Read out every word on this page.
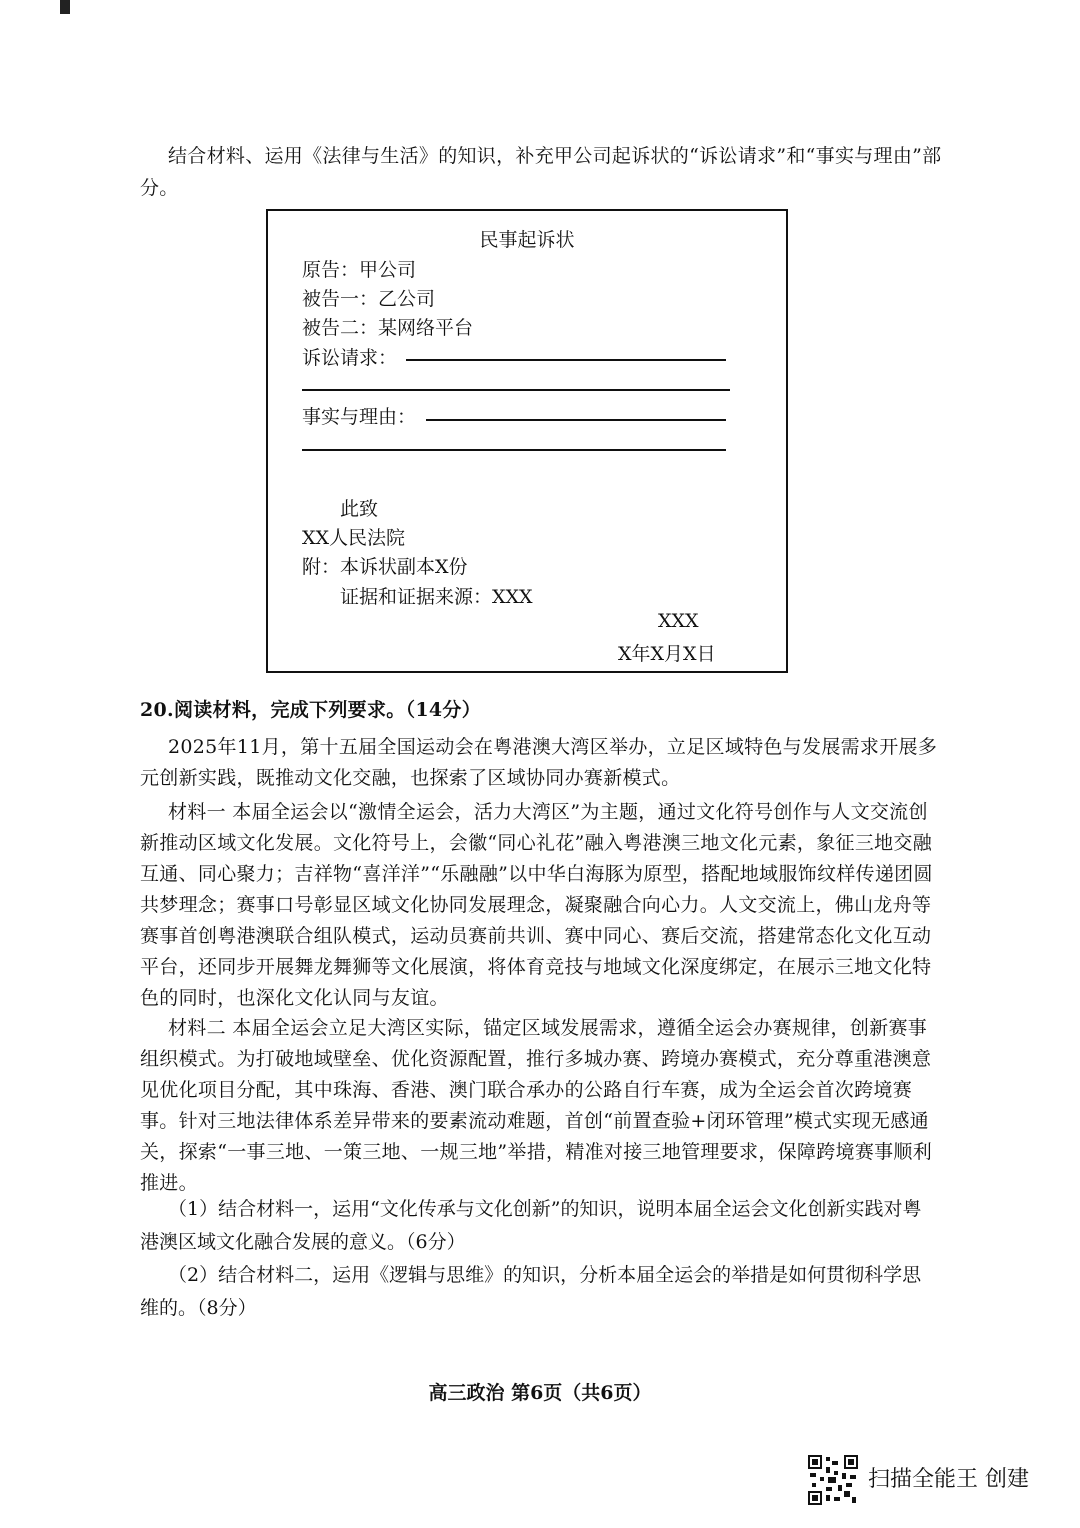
结合材料、运用《法律与生活》的知识，补充甲公司起诉状的“诉讼请求”和“事实与理由”部分。
民事起诉状
原告：甲公司
被告一：乙公司
被告二：某网络平台
诉讼请求：
事实与理由：
此致
XX人民法院
附：本诉状副本X份
证据和证据来源：XXX
XXX
X年X月X日
20.阅读材料，完成下列要求。（14分）
2025年11月，第十五届全国运动会在粤港澳大湾区举办，立足区域特色与发展需求开展多元创新实践，既推动文化交融，也探索了区域协同办赛新模式。
材料一 本届全运会以“激情全运会，活力大湾区”为主题，通过文化符号创作与人文交流创新推动区域文化发展。文化符号上，会徽“同心礼花”融入粤港澳三地文化元素，象征三地交融互通、同心聚力；吉祥物“喜洋洋”“乐融融”以中华白海豚为原型，搭配地域服饰纹样传递团圆共梦理念；赛事口号彰显区域文化协同发展理念，凝聚融合向心力。人文交流上，佛山龙舟等赛事首创粤港澳联合组队模式，运动员赛前共训、赛中同心、赛后交流，搭建常态化文化互动平台，还同步开展舞龙舞狮等文化展演，将体育竞技与地域文化深度绑定，在展示三地文化特色的同时，也深化文化认同与友谊。
材料二 本届全运会立足大湾区实际，锚定区域发展需求，遵循全运会办赛规律，创新赛事组织模式。为打破地域壁垒、优化资源配置，推行多城办赛、跨境办赛模式，充分尊重港澳意见优化项目分配，其中珠海、香港、澳门联合承办的公路自行车赛，成为全运会首次跨境赛事。针对三地法律体系差异带来的要素流动难题，首创“前置查验+闭环管理”模式实现无感通关，探索“一事三地、一策三地、一规三地”举措，精准对接三地管理要求，保障跨境赛事顺利推进。
（1）结合材料一，运用“文化传承与文化创新”的知识，说明本届全运会文化创新实践对粤港澳区域文化融合发展的意义。（6分）
（2）结合材料二，运用《逻辑与思维》的知识，分析本届全运会的举措是如何贯彻科学思维的。（8分）
高三政治 第6页（共6页）
扫描全能王 创建
